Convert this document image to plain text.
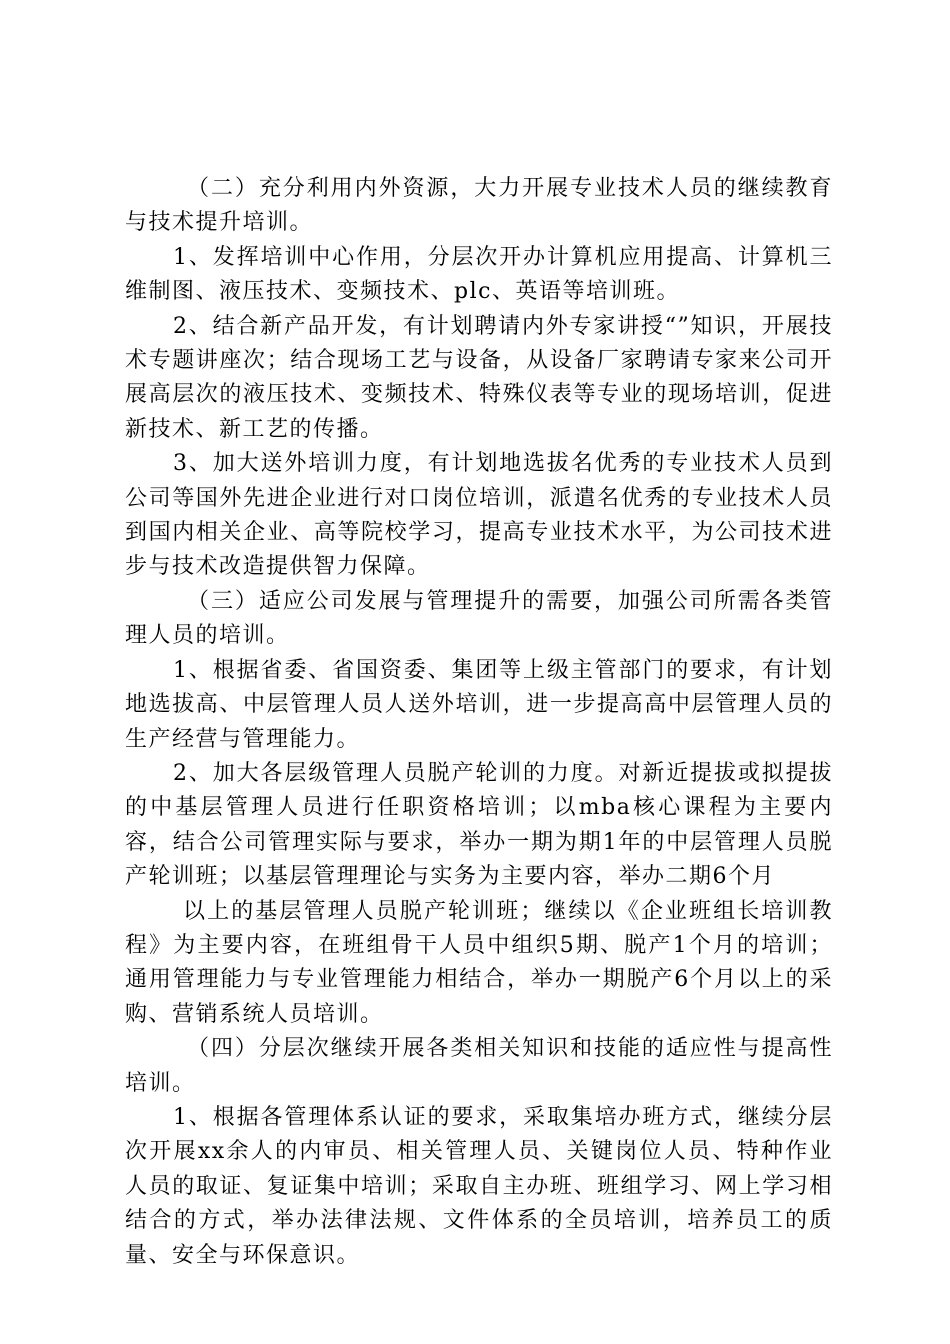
（二）充分利用内外资源，大力开展专业技术人员的继续教育与技术提升培训。

1、发挥培训中心作用，分层次开办计算机应用提高、计算机三维制图、液压技术、变频技术、plc、英语等培训班。

2、结合新产品开发，有计划聘请内外专家讲授“”知识，开展技术专题讲座次；结合现场工艺与设备，从设备厂家聘请专家来公司开展高层次的液压技术、变频技术、特殊仪表等专业的现场培训，促进新技术、新工艺的传播。

3、加大送外培训力度，有计划地选拔名优秀的专业技术人员到公司等国外先进企业进行对口岗位培训，派遣名优秀的专业技术人员到国内相关企业、高等院校学习，提高专业技术水平，为公司技术进步与技术改造提供智力保障。

（三）适应公司发展与管理提升的需要，加强公司所需各类管理人员的培训。

1、根据省委、省国资委、集团等上级主管部门的要求，有计划地选拔高、中层管理人员人送外培训，进一步提高高中层管理人员的生产经营与管理能力。

2、加大各层级管理人员脱产轮训的力度。对新近提拔或拟提拔的中基层管理人员进行任职资格培训；以mba核心课程为主要内容，结合公司管理实际与要求，举办一期为期1年的中层管理人员脱产轮训班；以基层管理理论与实务为主要内容，举办二期6个月

以上的基层管理人员脱产轮训班；继续以《企业班组长培训教程》为主要内容，在班组骨干人员中组织5期、脱产1个月的培训；通用管理能力与专业管理能力相结合，举办一期脱产6个月以上的采购、营销系统人员培训。

（四）分层次继续开展各类相关知识和技能的适应性与提高性培训。

1、根据各管理体系认证的要求，采取集培办班方式，继续分层次开展xx余人的内审员、相关管理人员、关键岗位人员、特种作业人员的取证、复证集中培训；采取自主办班、班组学习、网上学习相结合的方式，举办法律法规、文件体系的全员培训，培养员工的质量、安全与环保意识。
